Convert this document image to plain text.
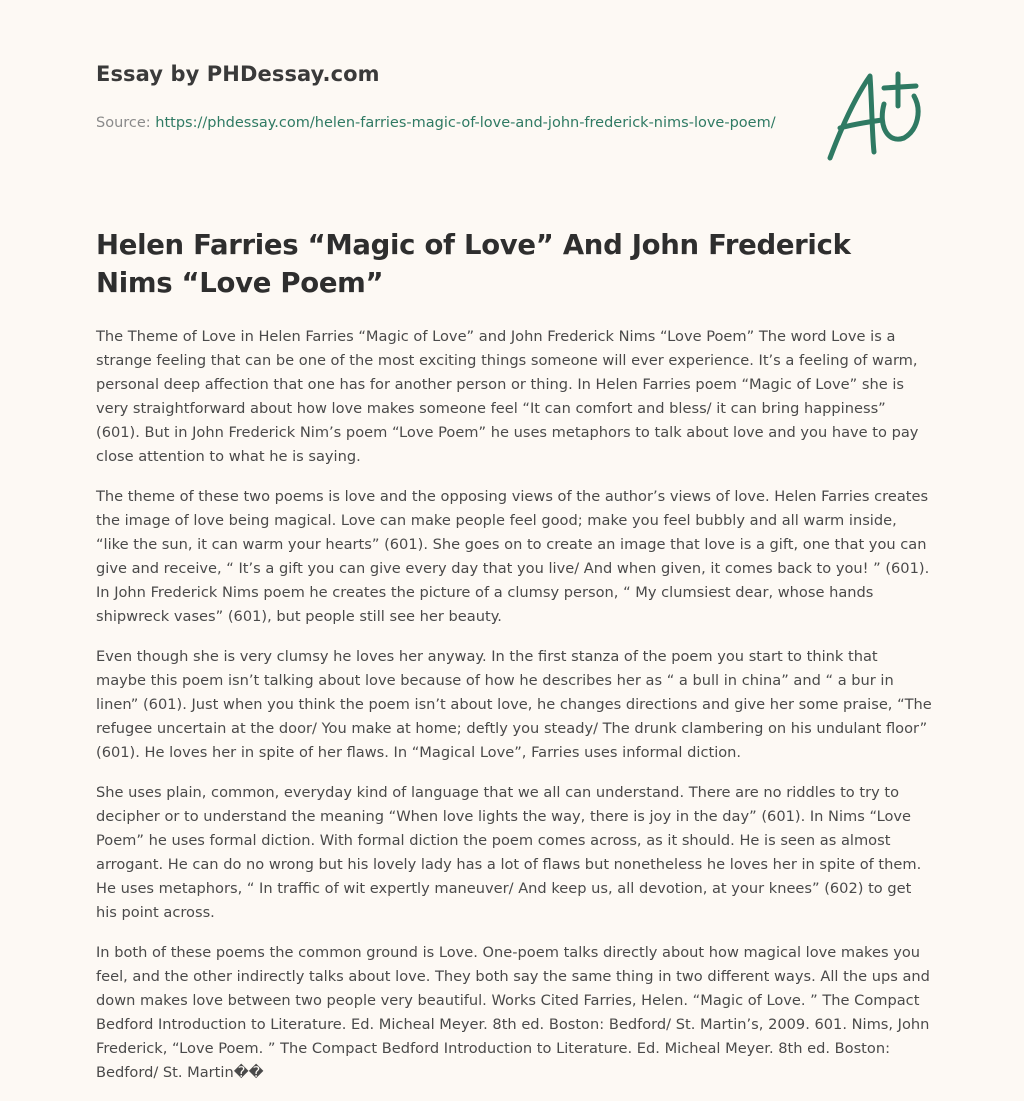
Essay by PHDessay.com
Source: https://phdessay.com/helen-farries-magic-of-love-and-john-frederick-nims-love-poem/
Helen Farries “Magic of Love” And John Frederick Nims “Love Poem”

The Theme of Love in Helen Farries “Magic of Love” and John Frederick Nims “Love Poem” The word Love is a strange feeling that can be one of the most exciting things someone will ever experience. It’s a feeling of warm, personal deep affection that one has for another person or thing. In Helen Farries poem “Magic of Love” she is very straightforward about how love makes someone feel “It can comfort and bless/ it can bring happiness” (601). But in John Frederick Nim’s poem “Love Poem” he uses metaphors to talk about love and you have to pay close attention to what he is saying.

The theme of these two poems is love and the opposing views of the author’s views of love. Helen Farries creates the image of love being magical. Love can make people feel good; make you feel bubbly and all warm inside, “like the sun, it can warm your hearts” (601). She goes on to create an image that love is a gift, one that you can give and receive, “ It’s a gift you can give every day that you live/ And when given, it comes back to you! ” (601). In John Frederick Nims poem he creates the picture of a clumsy person, “ My clumsiest dear, whose hands shipwreck vases” (601), but people still see her beauty.

Even though she is very clumsy he loves her anyway. In the first stanza of the poem you start to think that maybe this poem isn’t talking about love because of how he describes her as “ a bull in china” and “ a bur in linen” (601). Just when you think the poem isn’t about love, he changes directions and give her some praise, “The refugee uncertain at the door/ You make at home; deftly you steady/ The drunk clambering on his undulant floor” (601). He loves her in spite of her flaws. In “Magical Love”, Farries uses informal diction.

She uses plain, common, everyday kind of language that we all can understand. There are no riddles to try to decipher or to understand the meaning “When love lights the way, there is joy in the day” (601). In Nims “Love Poem” he uses formal diction. With formal diction the poem comes across, as it should. He is seen as almost arrogant. He can do no wrong but his lovely lady has a lot of flaws but nonetheless he loves her in spite of them. He uses metaphors, “ In traffic of wit expertly maneuver/ And keep us, all devotion, at your knees” (602) to get his point across.

In both of these poems the common ground is Love. One-poem talks directly about how magical love makes you feel, and the other indirectly talks about love. They both say the same thing in two different ways. All the ups and down makes love between two people very beautiful. Works Cited Farries, Helen. “Magic of Love. ” The Compact Bedford Introduction to Literature. Ed. Micheal Meyer. 8th ed. Boston: Bedford/ St. Martin’s, 2009. 601. Nims, John Frederick, “Love Poem. ” The Compact Bedford Introduction to Literature. Ed. Micheal Meyer. 8th ed. Boston: Bedford/ St. Martin��
